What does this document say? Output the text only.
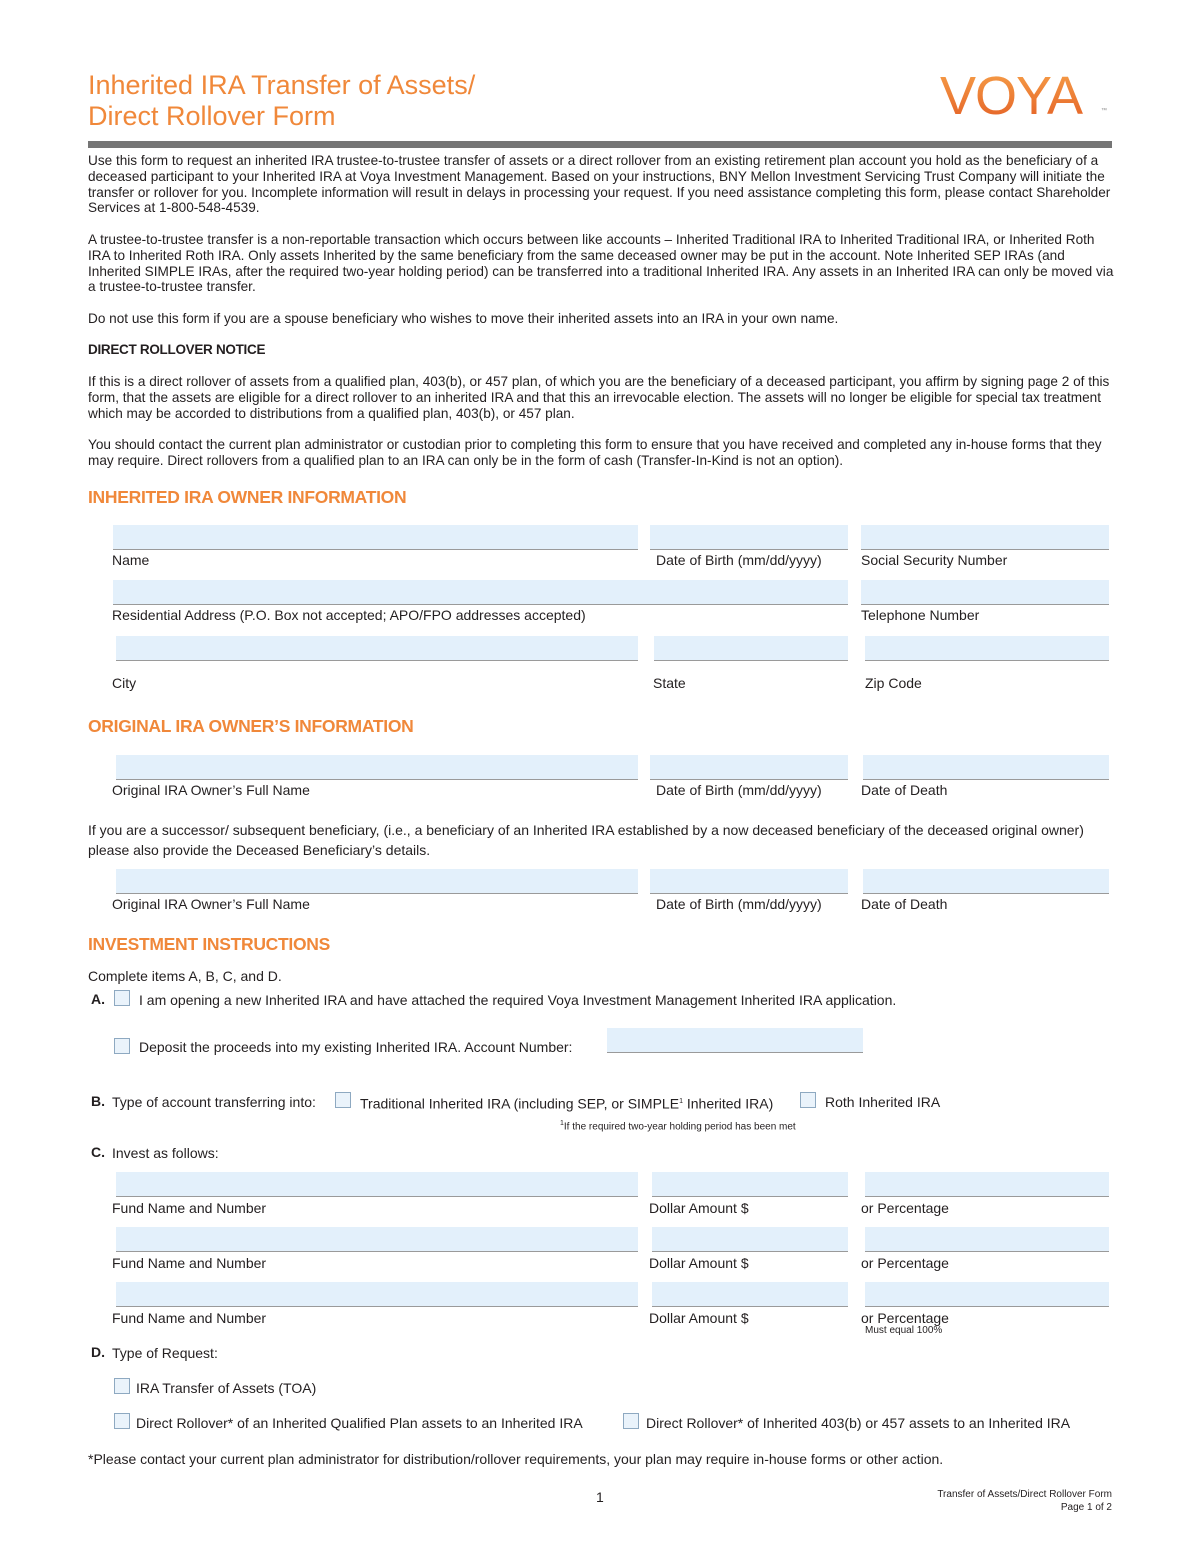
Inherited IRA Transfer of Assets/
Direct Rollover Form	VOYA	™
Use this form to request an inherited IRA trustee-to-trustee transfer of assets or a direct rollover from an existing retirement plan account you hold as the beneficiary of a deceased participant to your Inherited IRA at Voya Investment Management. Based on your instructions, BNY Mellon Investment Servicing Trust Company will initiate the transfer or rollover for you. Incomplete information will result in delays in processing your request. If you need assistance completing this form, please contact Shareholder Services at 1-800-548-4539.
A trustee-to-trustee transfer is a non-reportable transaction which occurs between like accounts – Inherited Traditional IRA to Inherited Traditional IRA, or Inherited Roth IRA to Inherited Roth IRA. Only assets Inherited by the same beneficiary from the same deceased owner may be put in the account. Note Inherited SEP IRAs (and Inherited SIMPLE IRAs, after the required two-year holding period) can be transferred into a traditional Inherited IRA. Any assets in an Inherited IRA can only be moved via a trustee-to-trustee transfer.
Do not use this form if you are a spouse beneficiary who wishes to move their inherited assets into an IRA in your own name.
DIRECT ROLLOVER NOTICE
If this is a direct rollover of assets from a qualified plan, 403(b), or 457 plan, of which you are the beneficiary of a deceased participant, you affirm by signing page 2 of this form, that the assets are eligible for a direct rollover to an inherited IRA and that this an irrevocable election. The assets will no longer be eligible for special tax treatment which may be accorded to distributions from a qualified plan, 403(b), or 457 plan.
You should contact the current plan administrator or custodian prior to completing this form to ensure that you have received and completed any in-house forms that they may require. Direct rollovers from a qualified plan to an IRA can only be in the form of cash (Transfer-In-Kind is not an option).
INHERITED IRA OWNER INFORMATION
Name	Date of Birth (mm/dd/yyyy)	Social Security Number
Residential Address (P.O. Box not accepted; APO/FPO addresses accepted)	Telephone Number
City	State	Zip Code
ORIGINAL IRA OWNER’S INFORMATION
Original IRA Owner’s Full Name	Date of Birth (mm/dd/yyyy)	Date of Death
If you are a successor/ subsequent beneficiary, (i.e., a beneficiary of an Inherited IRA established by a now deceased beneficiary of the deceased original owner) please also provide the Deceased Beneficiary’s details.
Original IRA Owner’s Full Name	Date of Birth (mm/dd/yyyy)	Date of Death
INVESTMENT INSTRUCTIONS
Complete items A, B, C, and D.
A. I am opening a new Inherited IRA and have attached the required Voya Investment Management Inherited IRA application.
Deposit the proceeds into my existing Inherited IRA. Account Number:
B. Type of account transferring into:	Traditional Inherited IRA (including SEP, or SIMPLE$^1$ Inherited IRA)	Roth Inherited IRA
$^1$If the required two-year holding period has been met
C. Invest as follows:
Fund Name and Number	Dollar Amount $	or Percentage
Fund Name and Number	Dollar Amount $	or Percentage
Fund Name and Number	Dollar Amount $	or Percentage
Must equal 100%
D. Type of Request:
IRA Transfer of Assets (TOA)
Direct Rollover* of an Inherited Qualified Plan assets to an Inherited IRA	Direct Rollover* of Inherited 403(b) or 457 assets to an Inherited IRA
*Please contact your current plan administrator for distribution/rollover requirements, your plan may require in-house forms or other action.
1	Transfer of Assets/Direct Rollover Form
Page 1 of 2
